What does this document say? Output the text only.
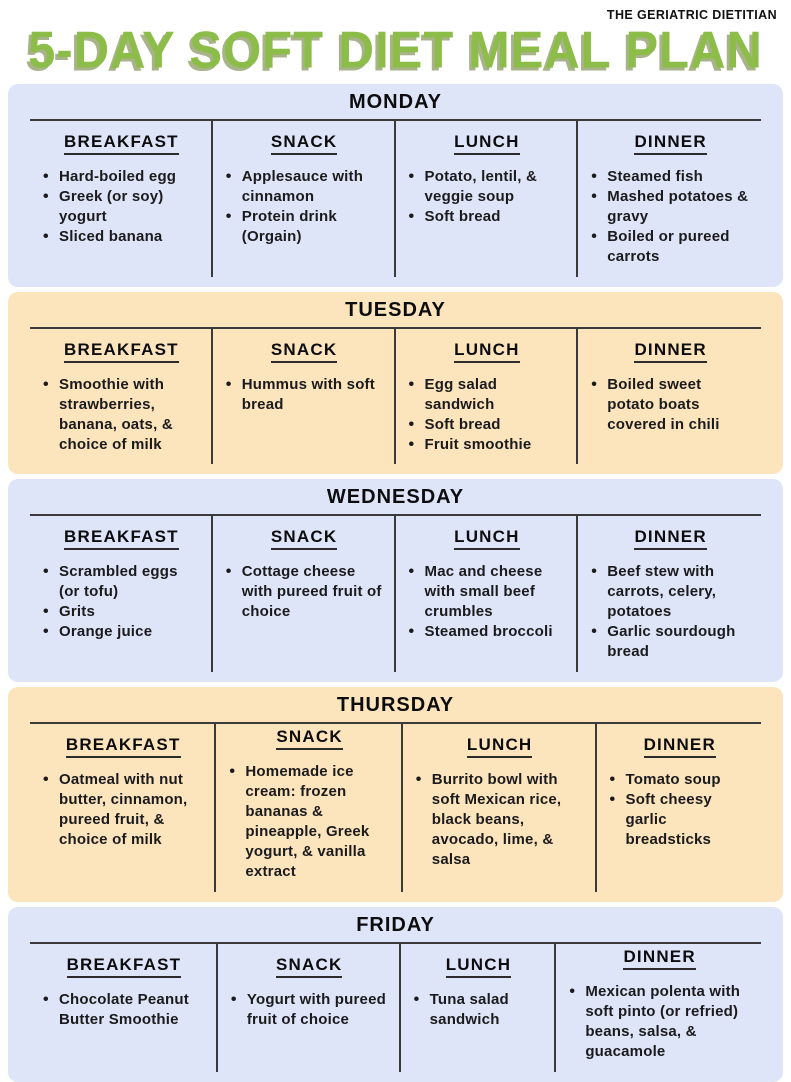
THE GERIATRIC DIETITIAN
5-DAY SOFT DIET MEAL PLAN
MONDAY
BREAKFAST
• Hard-boiled egg
• Greek (or soy) yogurt
• Sliced banana
SNACK
• Applesauce with cinnamon
• Protein drink (Orgain)
LUNCH
• Potato, lentil, & veggie soup
• Soft bread
DINNER
• Steamed fish
• Mashed potatoes & gravy
• Boiled or pureed carrots
TUESDAY
BREAKFAST
• Smoothie with strawberries, banana, oats, & choice of milk
SNACK
• Hummus with soft bread
LUNCH
• Egg salad sandwich
• Soft bread
• Fruit smoothie
DINNER
• Boiled sweet potato boats covered in chili
WEDNESDAY
BREAKFAST
• Scrambled eggs (or tofu)
• Grits
• Orange juice
SNACK
• Cottage cheese with pureed fruit of choice
LUNCH
• Mac and cheese with small beef crumbles
• Steamed broccoli
DINNER
• Beef stew with carrots, celery, potatoes
• Garlic sourdough bread
THURSDAY
BREAKFAST
• Oatmeal with nut butter, cinnamon, pureed fruit, & choice of milk
SNACK
• Homemade ice cream: frozen bananas & pineapple, Greek yogurt, & vanilla extract
LUNCH
• Burrito bowl with soft Mexican rice, black beans, avocado, lime, & salsa
DINNER
• Tomato soup
• Soft cheesy garlic breadsticks
FRIDAY
BREAKFAST
• Chocolate Peanut Butter Smoothie
SNACK
• Yogurt with pureed fruit of choice
LUNCH
• Tuna salad sandwich
DINNER
• Mexican polenta with soft pinto (or refried) beans, salsa, & guacamole
